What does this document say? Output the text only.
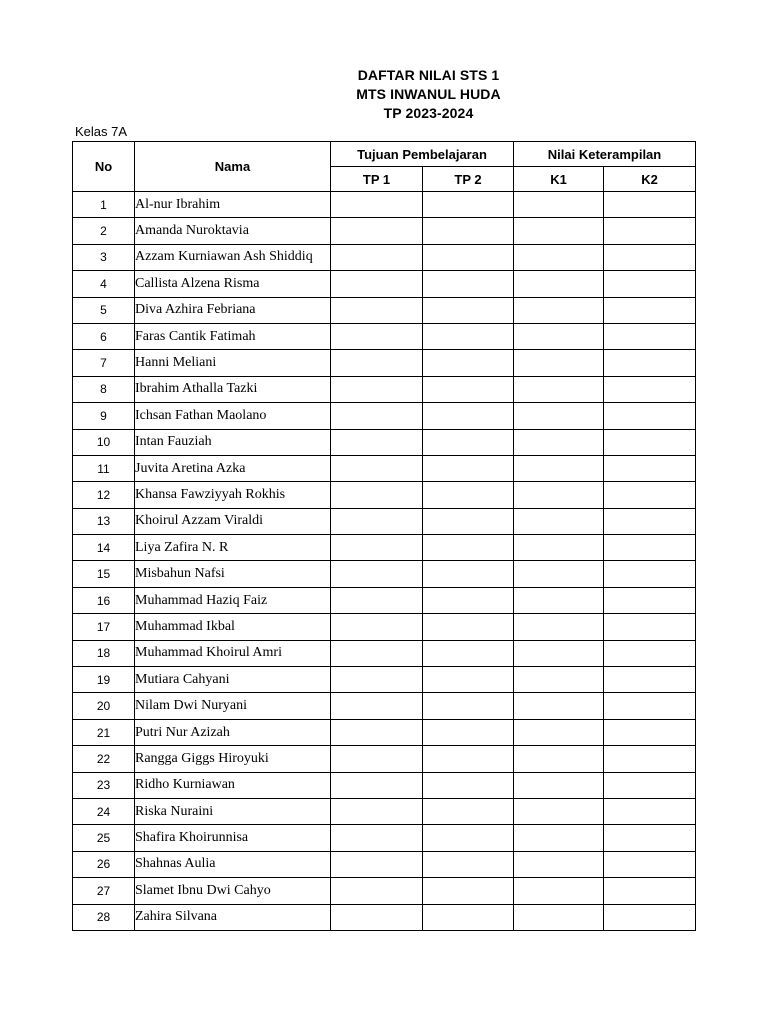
DAFTAR NILAI STS 1
MTS INWANUL HUDA
TP 2023-2024
Kelas 7A
No	Nama	Tujuan Pembelajaran		Nilai Keterampilan	
		TP 1	TP 2	K1	K2
1	Al-nur Ibrahim				
2	Amanda Nuroktavia				
3	Azzam Kurniawan Ash Shiddiq				
4	Callista Alzena Risma				
5	Diva Azhira Febriana				
6	Faras Cantik Fatimah				
7	Hanni Meliani				
8	Ibrahim Athalla Tazki				
9	Ichsan Fathan Maolano				
10	Intan Fauziah				
11	Juvita Aretina Azka				
12	Khansa Fawziyyah Rokhis				
13	Khoirul Azzam Viraldi				
14	Liya Zafira N. R				
15	Misbahun Nafsi				
16	Muhammad Haziq Faiz				
17	Muhammad Ikbal				
18	Muhammad Khoirul Amri				
19	Mutiara Cahyani				
20	Nilam Dwi Nuryani				
21	Putri Nur Azizah				
22	Rangga Giggs Hiroyuki				
23	Ridho Kurniawan				
24	Riska Nuraini				
25	Shafira Khoirunnisa				
26	Shahnas Aulia				
27	Slamet Ibnu Dwi Cahyo				
28	Zahira Silvana				
